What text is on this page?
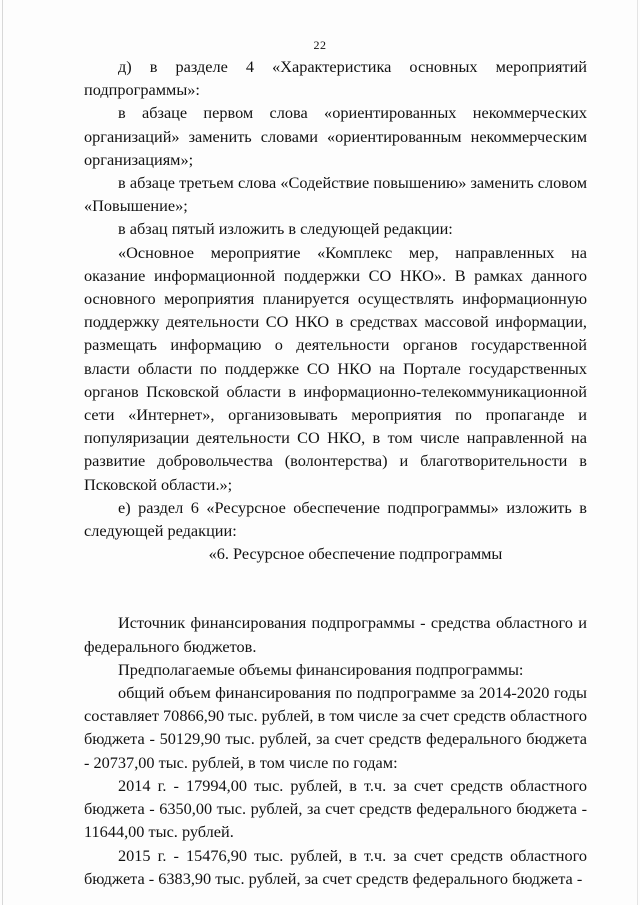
22

д) в разделе 4 «Характеристика основных мероприятий подпрограммы»:

в абзаце первом слова «ориентированных некоммерческих организаций» заменить словами «ориентированным некоммерческим организациям»;

в абзаце третьем слова «Содействие повышению» заменить словом «Повышение»;

в абзац пятый изложить в следующей редакции:

«Основное мероприятие «Комплекс мер, направленных на оказание информационной поддержки СО НКО». В рамках данного основного мероприятия планируется осуществлять информационную поддержку деятельности СО НКО в средствах массовой информации, размещать информацию о деятельности органов государственной власти области по поддержке СО НКО на Портале государственных органов Псковской области в информационно-телекоммуникационной сети «Интернет», организовывать мероприятия по пропаганде и популяризации деятельности СО НКО, в том числе направленной на развитие добровольчества (волонтерства) и благотворительности в Псковской области.»;

е) раздел 6 «Ресурсное обеспечение подпрограммы» изложить в следующей редакции:

«6. Ресурсное обеспечение подпрограммы

Источник финансирования подпрограммы - средства областного и федерального бюджетов.

Предполагаемые объемы финансирования подпрограммы:

общий объем финансирования по подпрограмме за 2014-2020 годы составляет 70866,90 тыс. рублей, в том числе за счет средств областного бюджета - 50129,90 тыс. рублей, за счет средств федерального бюджета - 20737,00 тыс. рублей, в том числе по годам:

2014 г. - 17994,00 тыс. рублей, в т.ч. за счет средств областного бюджета - 6350,00 тыс. рублей, за счет средств федерального бюджета - 11644,00 тыс. рублей.

2015 г. - 15476,90 тыс. рублей, в т.ч. за счет средств областного бюджета - 6383,90 тыс. рублей, за счет средств федерального бюджета -
